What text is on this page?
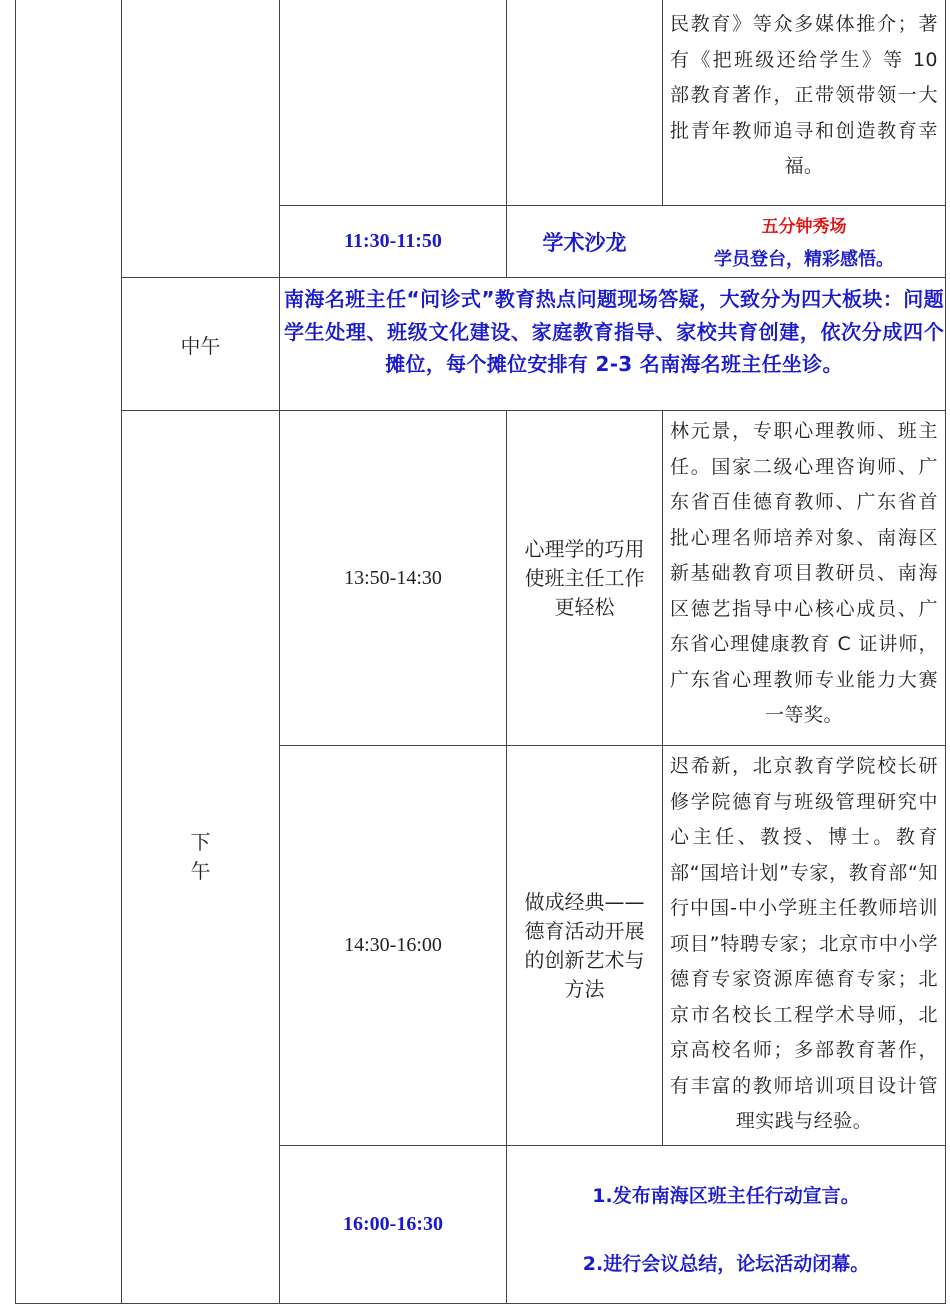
民教育》等众多媒体推介；著有《把班级还给学生》等 10 部教育著作，正带领带领一大批青年教师追寻和创造教育幸福。
11:30-11:50	学术沙龙
五分钟秀场
学员登台，精彩感悟。
中午
南海名班主任“问诊式”教育热点问题现场答疑，大致分为四大板块：问题学生处理、班级文化建设、家庭教育指导、家校共育创建，依次分成四个摊位，每个摊位安排有 2-3 名南海名班主任坐诊。
下
午
13:50-14:30
心理学的巧用使班主任工作更轻松
林元景，专职心理教师、班主任。国家二级心理咨询师、广东省百佳德育教师、广东省首批心理名师培养对象、南海区新基础教育项目教研员、南海区德艺指导中心核心成员、广东省心理健康教育 C 证讲师，广东省心理教师专业能力大赛一等奖。
14:30-16:00
做成经典——德育活动开展的创新艺术与方法
迟希新，北京教育学院校长研修学院德育与班级管理研究中心主任、教授、博士。教育部“国培计划”专家，教育部“知行中国-中小学班主任教师培训项目”特聘专家；北京市中小学德育专家资源库德育专家；北京市名校长工程学术导师，北京高校名师；多部教育著作，有丰富的教师培训项目设计管理实践与经验。
16:00-16:30
1.发布南海区班主任行动宣言。
2.进行会议总结，论坛活动闭幕。
